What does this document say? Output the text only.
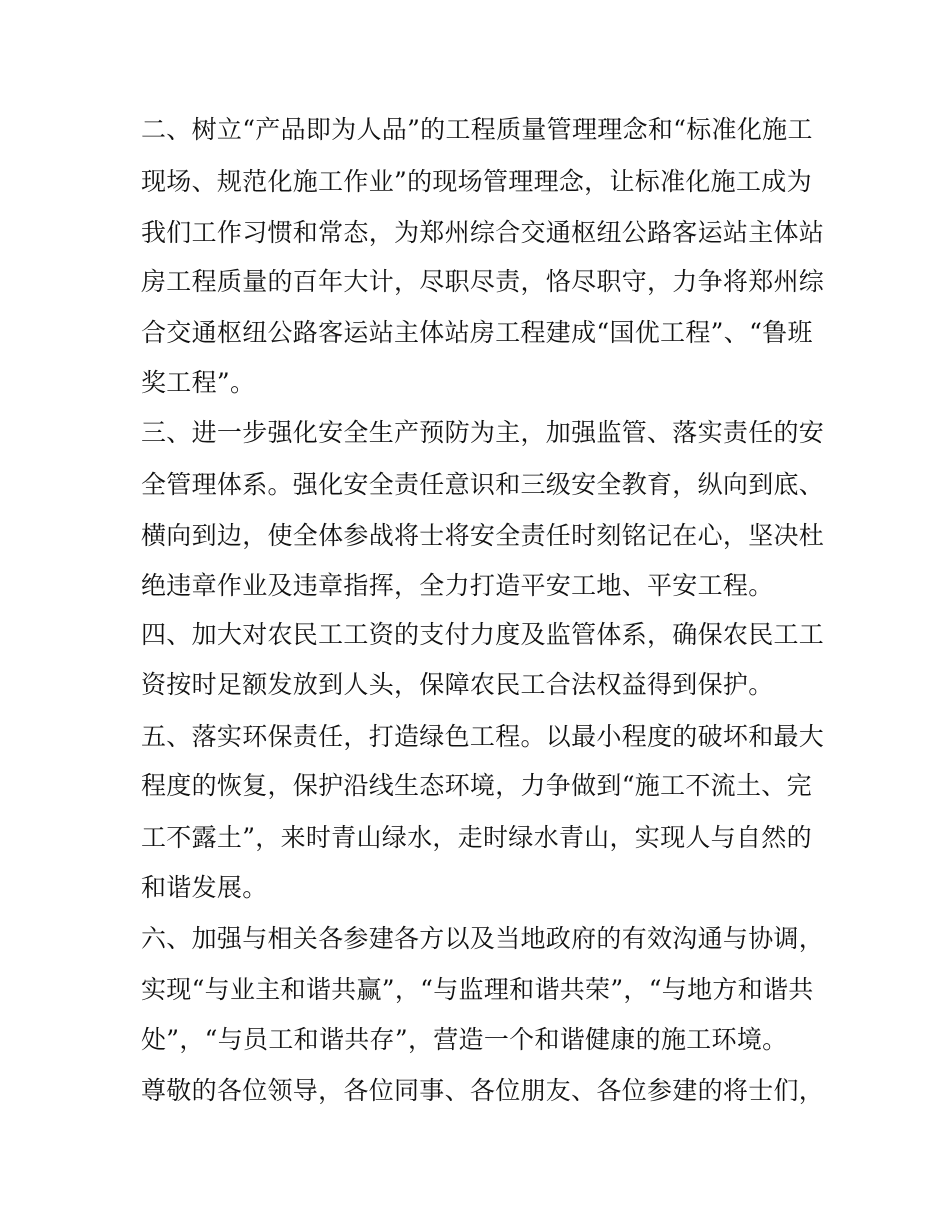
二、树立“产品即为人品”的工程质量管理理念和“标准化施工

现场、规范化施工作业”的现场管理理念，让标准化施工成为

我们工作习惯和常态，为郑州综合交通枢纽公路客运站主体站

房工程质量的百年大计，尽职尽责，恪尽职守，力争将郑州综

合交通枢纽公路客运站主体站房工程建成“国优工程”、“鲁班

奖工程”。

三、进一步强化安全生产预防为主，加强监管、落实责任的安

全管理体系。强化安全责任意识和三级安全教育，纵向到底、

横向到边，使全体参战将士将安全责任时刻铭记在心，坚决杜

绝违章作业及违章指挥，全力打造平安工地、平安工程。

四、加大对农民工工资的支付力度及监管体系，确保农民工工

资按时足额发放到人头，保障农民工合法权益得到保护。

五、落实环保责任，打造绿色工程。以最小程度的破坏和最大

程度的恢复，保护沿线生态环境，力争做到“施工不流土、完

工不露土”，来时青山绿水，走时绿水青山，实现人与自然的

和谐发展。

六、加强与相关各参建各方以及当地政府的有效沟通与协调，

实现“与业主和谐共赢”，“与监理和谐共荣”，“与地方和谐共

处”，“与员工和谐共存”，营造一个和谐健康的施工环境。

尊敬的各位领导，各位同事、各位朋友、各位参建的将士们，
